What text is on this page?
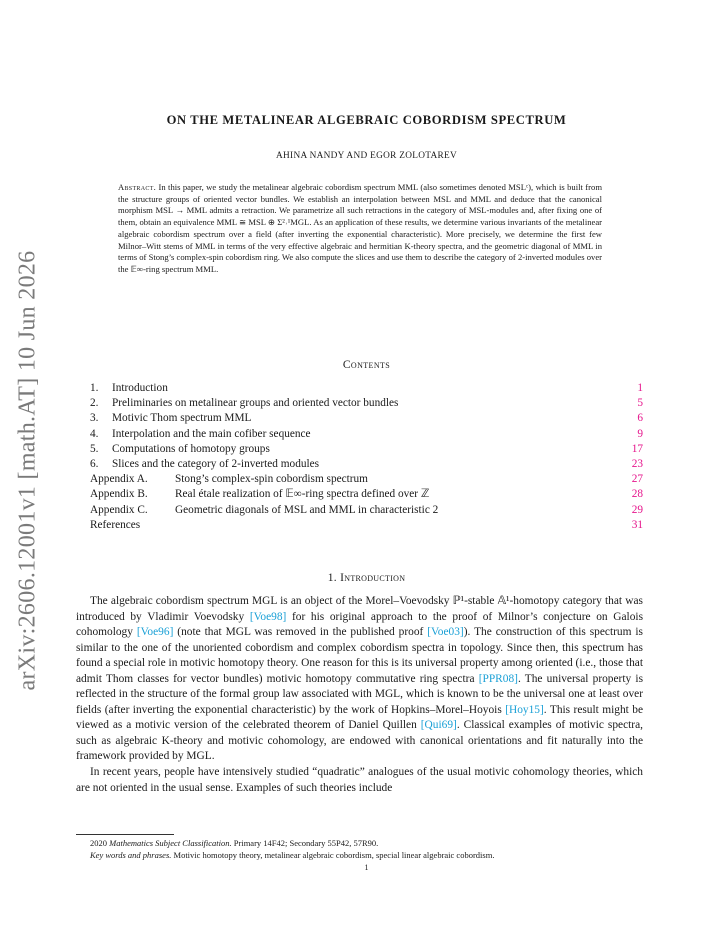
arXiv:2606.12001v1 [math.AT] 10 Jun 2026
ON THE METALINEAR ALGEBRAIC COBORDISM SPECTRUM
AHINA NANDY AND EGOR ZOLOTAREV
Abstract. In this paper, we study the metalinear algebraic cobordism spectrum MML (also sometimes denoted MSLᶜ), which is built from the structure groups of oriented vector bundles. We establish an interpolation between MSL and MML and deduce that the canonical morphism MSL → MML admits a retraction. We parametrize all such retractions in the category of MSL-modules and, after fixing one of them, obtain an equivalence MML ≅ MSL ⊕ Σ²˒¹MGL. As an application of these results, we determine various invariants of the metalinear algebraic cobordism spectrum over a field (after inverting the exponential characteristic). More precisely, we determine the first few Milnor–Witt stems of MML in terms of the very effective algebraic and hermitian K-theory spectra, and the geometric diagonal of MML in terms of Stong’s complex-spin cobordism ring. We also compute the slices and use them to describe the category of 2-inverted modules over the 𝔼∞-ring spectrum MML.
Contents
1. Introduction	1
2. Preliminaries on metalinear groups and oriented vector bundles	5
3. Motivic Thom spectrum MML	6
4. Interpolation and the main cofiber sequence	9
5. Computations of homotopy groups	17
6. Slices and the category of 2-inverted modules	23
Appendix A. Stong’s complex-spin cobordism spectrum	27
Appendix B. Real étale realization of 𝔼∞-ring spectra defined over ℤ	28
Appendix C. Geometric diagonals of MSL and MML in characteristic 2	29
References	31
1. Introduction

The algebraic cobordism spectrum MGL is an object of the Morel–Voevodsky ℙ¹-stable 𝔸¹-homotopy category that was introduced by Vladimir Voevodsky [Voe98] for his original approach to the proof of Milnor’s conjecture on Galois cohomology [Voe96] (note that MGL was removed in the published proof [Voe03]). The construction of this spectrum is similar to the one of the unoriented cobordism and complex cobordism spectra in topology. Since then, this spectrum has found a special role in motivic homotopy theory. One reason for this is its universal property among oriented (i.e., those that admit Thom classes for vector bundles) motivic homotopy commutative ring spectra [PPR08]. The universal property is reflected in the structure of the formal group law associated with MGL, which is known to be the universal one at least over fields (after inverting the exponential characteristic) by the work of Hopkins–Morel–Hoyois [Hoy15]. This result might be viewed as a motivic version of the celebrated theorem of Daniel Quillen [Qui69]. Classical examples of motivic spectra, such as algebraic K-theory and motivic cohomology, are endowed with canonical orientations and fit naturally into the framework provided by MGL.

In recent years, people have intensively studied “quadratic” analogues of the usual motivic cohomology theories, which are not oriented in the usual sense. Examples of such theories include

2020 Mathematics Subject Classification. Primary 14F42; Secondary 55P42, 57R90.
Key words and phrases. Motivic homotopy theory, metalinear algebraic cobordism, special linear algebraic cobordism.
1
